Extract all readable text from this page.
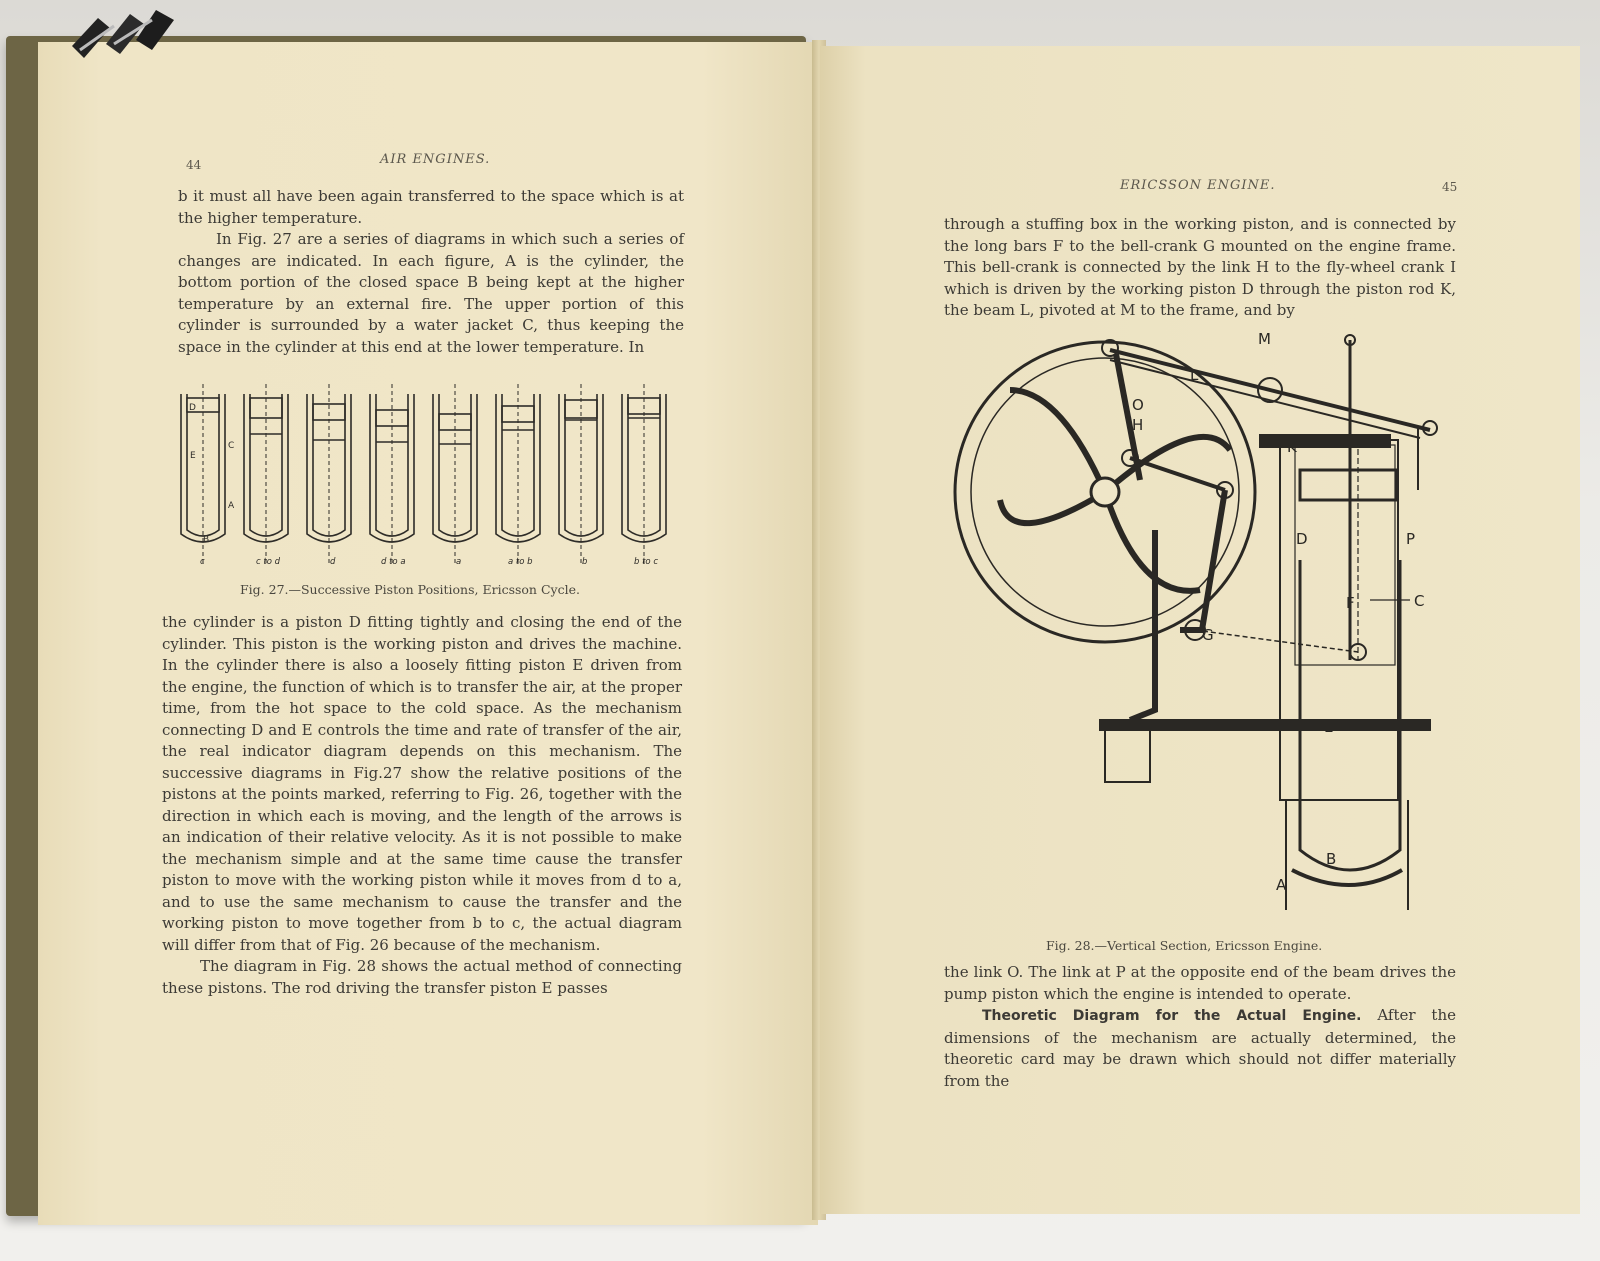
44	AIR ENGINES.

b it must all have been again transferred to the space which is at the higher temperature.

In Fig. 27 are a series of diagrams in which such a series of changes are indicated. In each figure, A is the cylinder, the bottom portion of the closed space B being kept at the higher temperature by an external fire. The upper portion of this cylinder is surrounded by a water jacket C, thus keeping the space in the cylinder at this end at the lower temperature. In

D
E
C
A
B
c	c to d	d	d to a	a	a to b	b	b to c
Fig. 27.—Successive Piston Positions, Ericsson Cycle.

the cylinder is a piston D fitting tightly and closing the end of the cylinder. This piston is the working piston and drives the machine. In the cylinder there is also a loosely fitting piston E driven from the engine, the function of which is to transfer the air, at the proper time, from the hot space to the cold space. As the mechanism connecting D and E controls the time and rate of transfer of the air, the real indicator diagram depends on this mechanism. The successive diagrams in Fig.27 show the relative positions of the pistons at the points marked, referring to Fig. 26, together with the direction in which each is moving, and the length of the arrows is an indication of their relative velocity. As it is not possible to make the mechanism simple and at the same time cause the transfer piston to move with the working piston while it moves from d to a, and to use the same mechanism to cause the transfer and the working piston to move together from b to c, the actual diagram will differ from that of Fig. 26 because of the mechanism.

The diagram in Fig. 28 shows the actual method of connecting these pistons. The rod driving the transfer piston E passes

ERICSSON ENGINE.	45
through a stuffing box in the working piston, and is connected by the long bars F to the bell-crank G mounted on the engine frame. This bell-crank is connected by the link H to the fly-wheel crank I which is driven by the working piston D through the piston rod K, the beam L, pivoted at M to the frame, and by
M
L
O
H
K
D	P
F	C
G
E
B
A
Fig. 28.—Vertical Section, Ericsson Engine.

the link O. The link at P at the opposite end of the beam drives the pump piston which the engine is intended to operate.

Theoretic Diagram for the Actual Engine. After the dimensions of the mechanism are actually determined, the theoretic card may be drawn which should not differ materially from the
